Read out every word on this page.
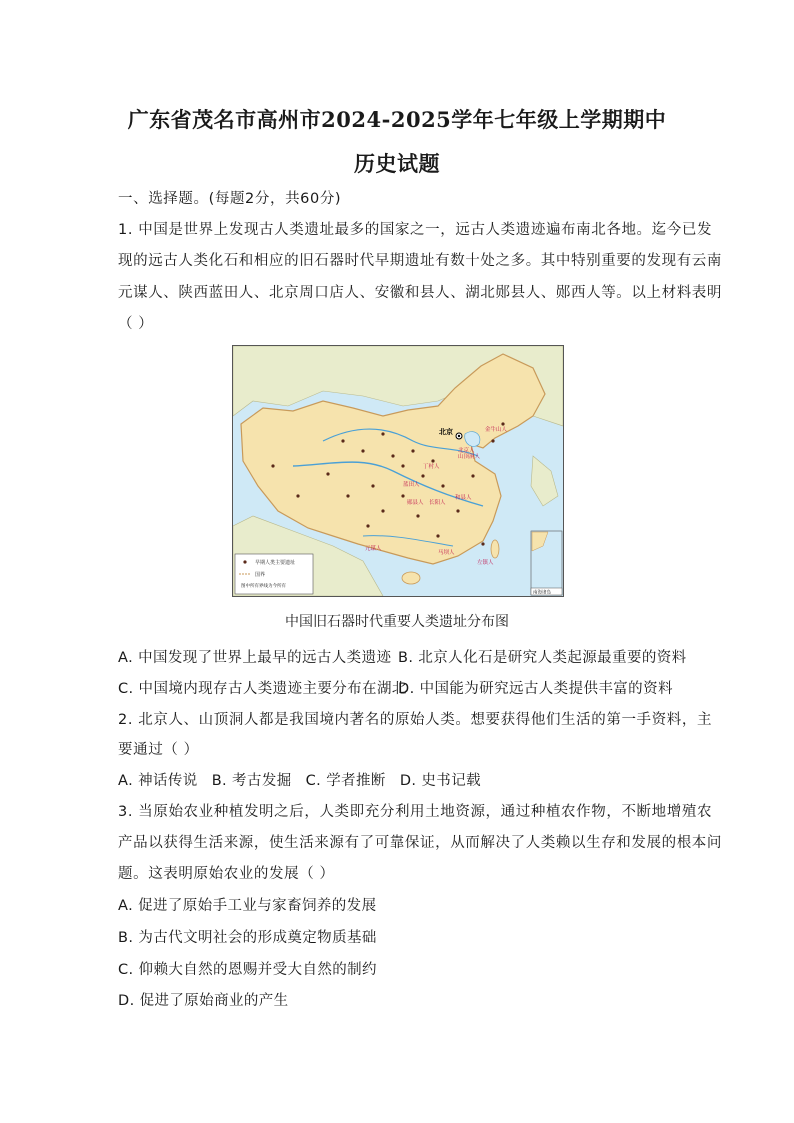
广东省茂名市高州市2024-2025学年七年级上学期期中
历史试题
一、选择题。(每题2分，共60分)
1. 中国是世界上发现古人类遗址最多的国家之一，远古人类遗迹遍布南北各地。迄今已发
现的远古人类化石和相应的旧石器时代早期遗址有数十处之多。其中特别重要的发现有云南
元谋人、陕西蓝田人、北京周口店人、安徽和县人、湖北郧县人、郧西人等。以上材料表明
（ ）
北京	金牛山人
北京人
山顶洞人
丁村人
蓝田人
和县人
郧县人 长阳人
元谋人
马坝人
左镇人
早期人类主要遗址
国界
图中所有界线为今所有
南海诸岛
中国旧石器时代重要人类遗址分布图
A. 中国发现了世界上最早的远古人类遗迹 B. 北京人化石是研究人类起源最重要的资料
C. 中国境内现存古人类遗迹主要分布在湖北D. 中国能为研究远古人类提供丰富的资料
2. 北京人、山顶洞人都是我国境内著名的原始人类。想要获得他们生活的第一手资料，主
要通过（ ）
A. 神话传说 B. 考古发掘 C. 学者推断 D. 史书记载
3. 当原始农业种植发明之后，人类即充分利用土地资源，通过种植农作物，不断地增殖农
产品以获得生活来源，使生活来源有了可靠保证，从而解决了人类赖以生存和发展的根本问
题。这表明原始农业的发展（ ）
A. 促进了原始手工业与家畜饲养的发展
B. 为古代文明社会的形成奠定物质基础
C. 仰赖大自然的恩赐并受大自然的制约
D. 促进了原始商业的产生
